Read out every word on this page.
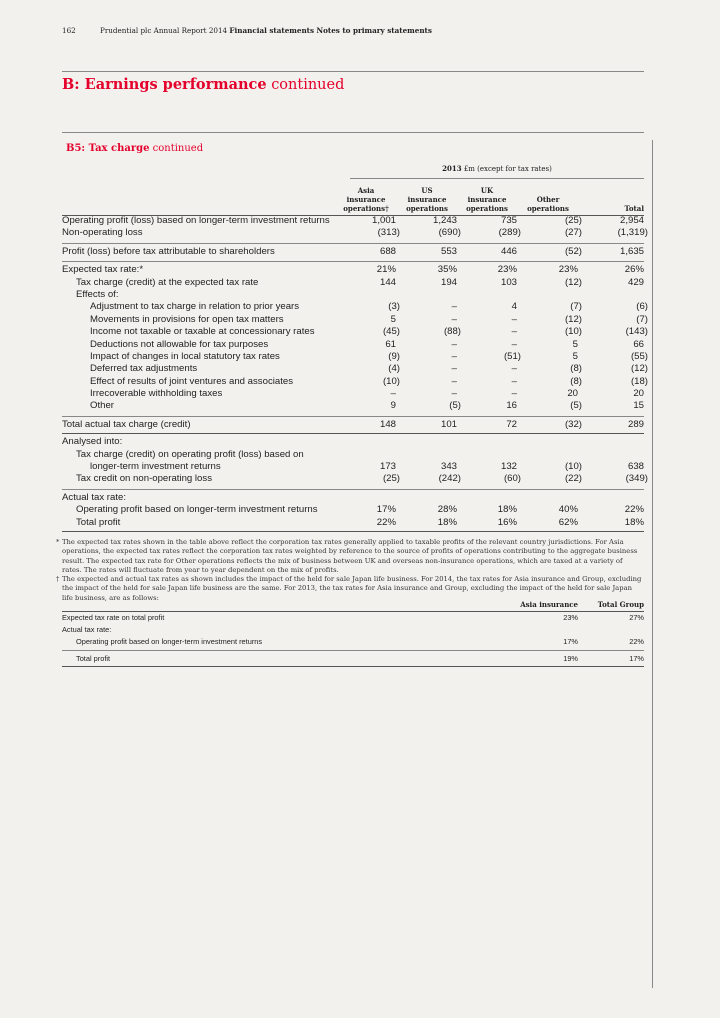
162	Prudential plc Annual Report 2014 Financial statements Notes to primary statements
B: Earnings performance continued
B5: Tax charge continued
2013 £m (except for tax rates)
Asia
insurance
operations†
US
insurance
operations
UK
insurance
operations
Other
operations	Total
Operating profit (loss) based on longer-term investment returns	1,001	1,243	735	(25)	2,954
Non-operating loss	(313)	(690)	(289)	(27)	(1,319)
Profit (loss) before tax attributable to shareholders	688	553	446	(52)	1,635
Expected tax rate:*	21%	35%	23%	23%	26%
Tax charge (credit) at the expected tax rate	144	194	103	(12)	429
Effects of:
Adjustment to tax charge in relation to prior years	(3)	–	4	(7)	(6)
Movements in provisions for open tax matters	5	–	–	(12)	(7)
Income not taxable or taxable at concessionary rates	(45)	(88)	–	(10)	(143)
Deductions not allowable for tax purposes	61	–	–	5	66
Impact of changes in local statutory tax rates	(9)	–	(51)	5	(55)
Deferred tax adjustments	(4)	–	–	(8)	(12)
Effect of results of joint ventures and associates	(10)	–	–	(8)	(18)
Irrecoverable withholding taxes	–	–	–	20	20
Other	9	(5)	16	(5)	15
Total actual tax charge (credit)	148	101	72	(32)	289
Analysed into:
Tax charge (credit) on operating profit (loss) based on
longer-term investment returns	173	343	132	(10)	638
Tax credit on non-operating loss	(25)	(242)	(60)	(22)	(349)
Actual tax rate:
Operating profit based on longer-term investment returns	17%	28%	18%	40%	22%
Total profit	22%	18%	16%	62%	18%

* The expected tax rates shown in the table above reflect the corporation tax rates generally applied to taxable profits of the relevant country jurisdictions. For Asia operations, the expected tax rates reflect the corporation tax rates weighted by reference to the source of profits of operations contributing to the aggregate business result. The expected tax rate for Other operations reflects the mix of business between UK and overseas non-insurance operations, which are taxed at a variety of rates. The rates will fluctuate from year to year dependent on the mix of profits.

† The expected and actual tax rates as shown includes the impact of the held for sale Japan life business. For 2014, the tax rates for Asia insurance and Group, excluding the impact of the held for sale Japan life business are the same. For 2013, the tax rates for Asia insurance and Group, excluding the impact of the held for sale Japan life business, are as follows:

Asia insurance	Total Group
Expected tax rate on total profit	23%	27%
Actual tax rate:
Operating profit based on longer-term investment returns	17%	22%
Total profit	19%	17%
